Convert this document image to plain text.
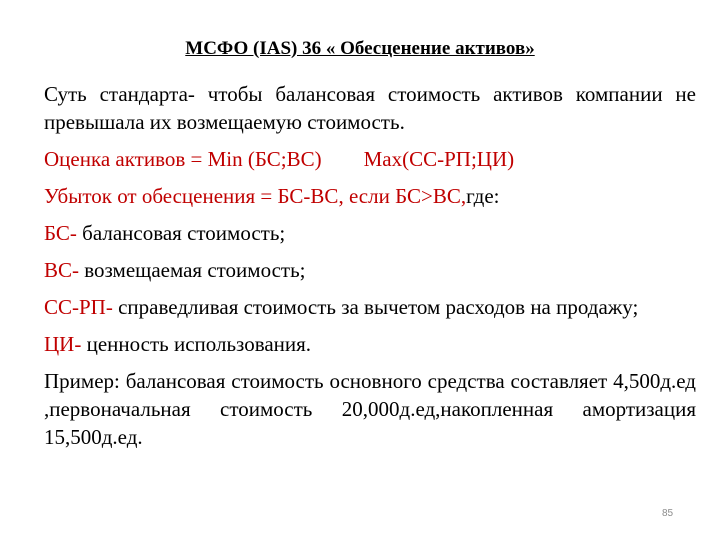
МСФО (IAS) 36 « Обесценение активов»

Суть стандарта- чтобы балансовая стоимость активов компании не превышала их возмещаемую стоимость.

Оценка активов = Min (БС;ВС) Max(СС-РП;ЦИ)

Убыток от обесценения = БС-ВС, если БС>ВС,где:

БС- балансовая стоимость;

ВС- возмещаемая стоимость;

СС-РП- справедливая стоимость за вычетом расходов на продажу;

ЦИ- ценность использования.

Пример: балансовая стоимость основного средства составляет 4,500д.ед ,первоначальная стоимость 20,000д.ед,накопленная амортизация 15,500д.ед.

85
